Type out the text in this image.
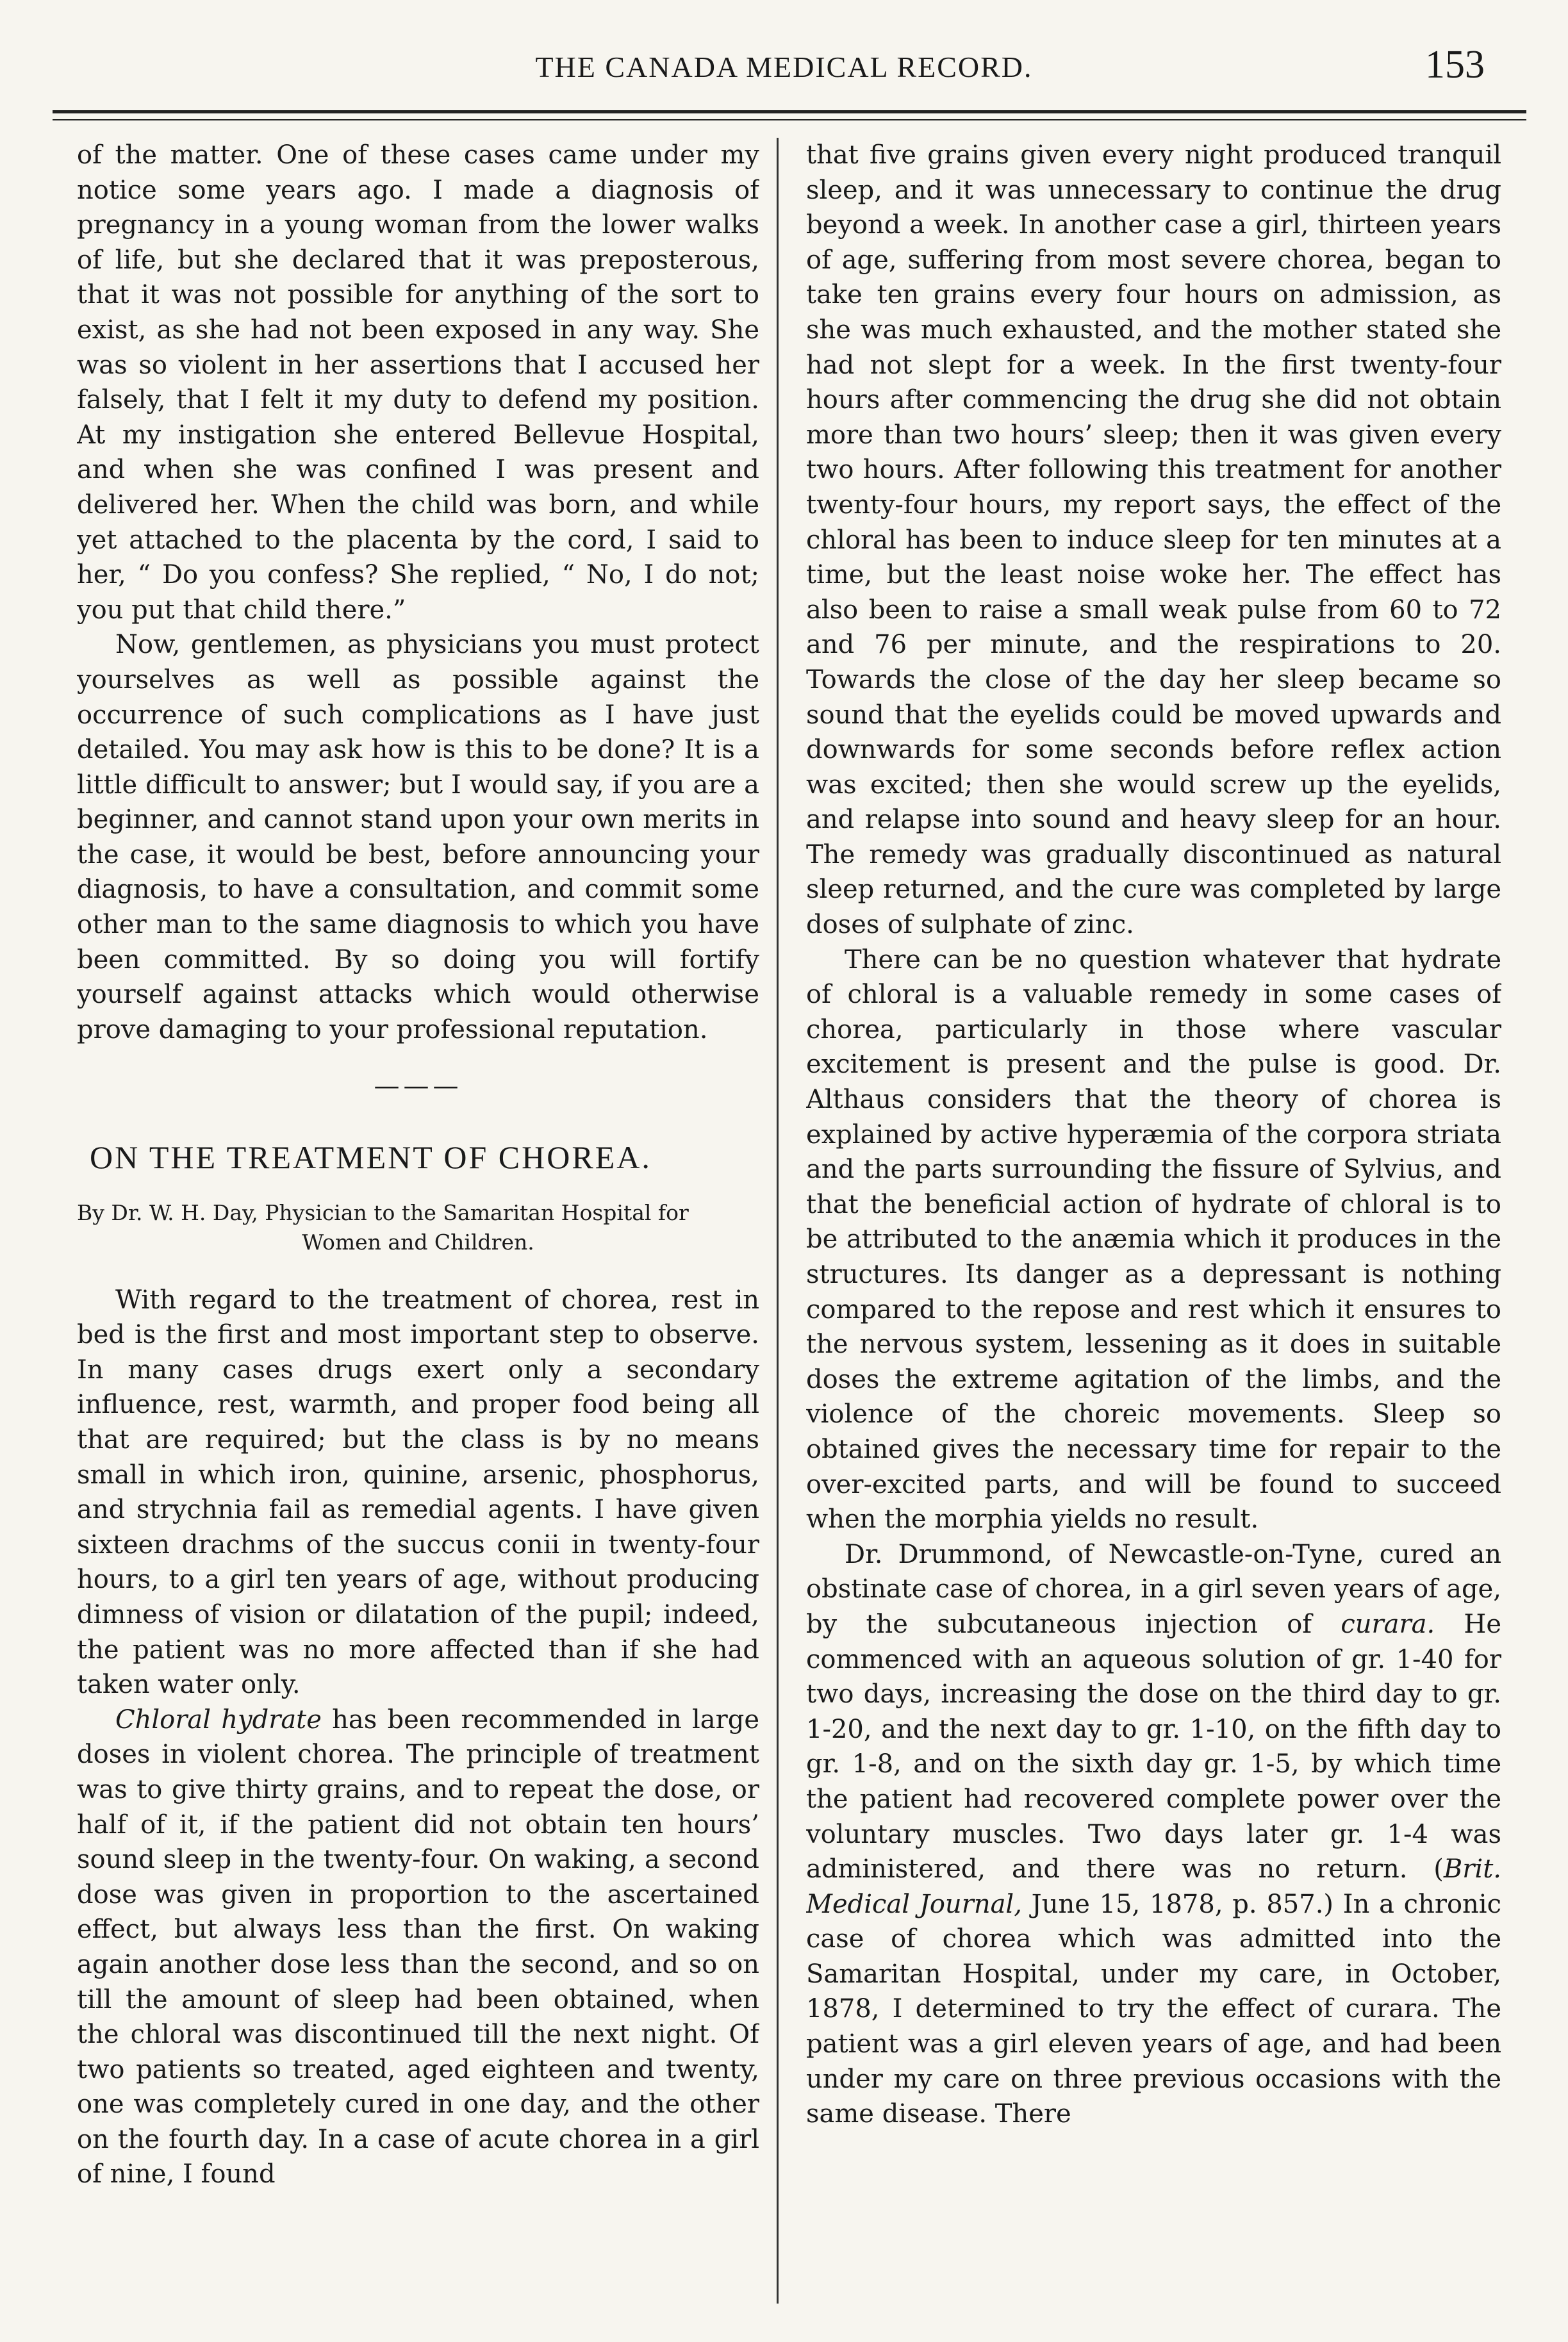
THE CANADA MEDICAL RECORD.	153

of the matter. One of these cases came under my notice some years ago. I made a diagnosis of pregnancy in a young woman from the lower walks of life, but she declared that it was preposterous, that it was not possible for anything of the sort to exist, as she had not been exposed in any way. She was so violent in her assertions that I accused her falsely, that I felt it my duty to defend my position. At my instigation she entered Bellevue Hospital, and when she was confined I was present and delivered her. When the child was born, and while yet attached to the placenta by the cord, I said to her, “ Do you confess? She replied, “ No, I do not; you put that child there.”

Now, gentlemen, as physicians you must protect yourselves as well as possible against the occurrence of such complications as I have just detailed. You may ask how is this to be done? It is a little difficult to answer; but I would say, if you are a beginner, and cannot stand upon your own merits in the case, it would be best, before announcing your diagnosis, to have a consultation, and commit some other man to the same diagnosis to which you have been committed. By so doing you will fortify yourself against attacks which would otherwise prove damaging to your professional reputation.

———
ON THE TREATMENT OF CHOREA.
By Dr. W. H. Day, Physician to the Samaritan Hospital for
Women and Children.

With regard to the treatment of chorea, rest in bed is the first and most important step to observe. In many cases drugs exert only a secondary influence, rest, warmth, and proper food being all that are required; but the class is by no means small in which iron, quinine, arsenic, phosphorus, and strychnia fail as remedial agents. I have given sixteen drachms of the succus conii in twenty-four hours, to a girl ten years of age, without producing dimness of vision or dilatation of the pupil; indeed, the patient was no more affected than if she had taken water only.

Chloral hydrate has been recommended in large doses in violent chorea. The principle of treatment was to give thirty grains, and to repeat the dose, or half of it, if the patient did not obtain ten hours’ sound sleep in the twenty-four. On waking, a second dose was given in proportion to the ascertained effect, but always less than the first. On waking again another dose less than the second, and so on till the amount of sleep had been obtained, when the chloral was discontinued till the next night. Of two patients so treated, aged eighteen and twenty, one was completely cured in one day, and the other on the fourth day. In a case of acute chorea in a girl of nine, I found

that five grains given every night produced tranquil sleep, and it was unnecessary to continue the drug beyond a week. In another case a girl, thirteen years of age, suffering from most severe chorea, began to take ten grains every four hours on admission, as she was much exhausted, and the mother stated she had not slept for a week. In the first twenty-four hours after commencing the drug she did not obtain more than two hours’ sleep; then it was given every two hours. After following this treatment for another twenty-four hours, my report says, the effect of the chloral has been to induce sleep for ten minutes at a time, but the least noise woke her. The effect has also been to raise a small weak pulse from 60 to 72 and 76 per minute, and the respirations to 20. Towards the close of the day her sleep became so sound that the eyelids could be moved upwards and downwards for some seconds before reflex action was excited; then she would screw up the eyelids, and relapse into sound and heavy sleep for an hour. The remedy was gradually discontinued as natural sleep returned, and the cure was completed by large doses of sulphate of zinc.

There can be no question whatever that hydrate of chloral is a valuable remedy in some cases of chorea, particularly in those where vascular excitement is present and the pulse is good. Dr. Althaus considers that the theory of chorea is explained by active hyperæmia of the corpora striata and the parts surrounding the fissure of Sylvius, and that the beneficial action of hydrate of chloral is to be attributed to the anæmia which it produces in the structures. Its danger as a depressant is nothing compared to the repose and rest which it ensures to the nervous system, lessening as it does in suitable doses the extreme agitation of the limbs, and the violence of the choreic movements. Sleep so obtained gives the necessary time for repair to the over-excited parts, and will be found to succeed when the morphia yields no result.

Dr. Drummond, of Newcastle-on-Tyne, cured an obstinate case of chorea, in a girl seven years of age, by the subcutaneous injection of curara. He commenced with an aqueous solution of gr. 1-40 for two days, increasing the dose on the third day to gr. 1-20, and the next day to gr. 1-10, on the fifth day to gr. 1-8, and on the sixth day gr. 1-5, by which time the patient had recovered complete power over the voluntary muscles. Two days later gr. 1-4 was administered, and there was no return. (Brit. Medical Journal, June 15, 1878, p. 857.) In a chronic case of chorea which was admitted into the Samaritan Hospital, under my care, in October, 1878, I determined to try the effect of curara. The patient was a girl eleven years of age, and had been under my care on three previous occasions with the same disease. There
